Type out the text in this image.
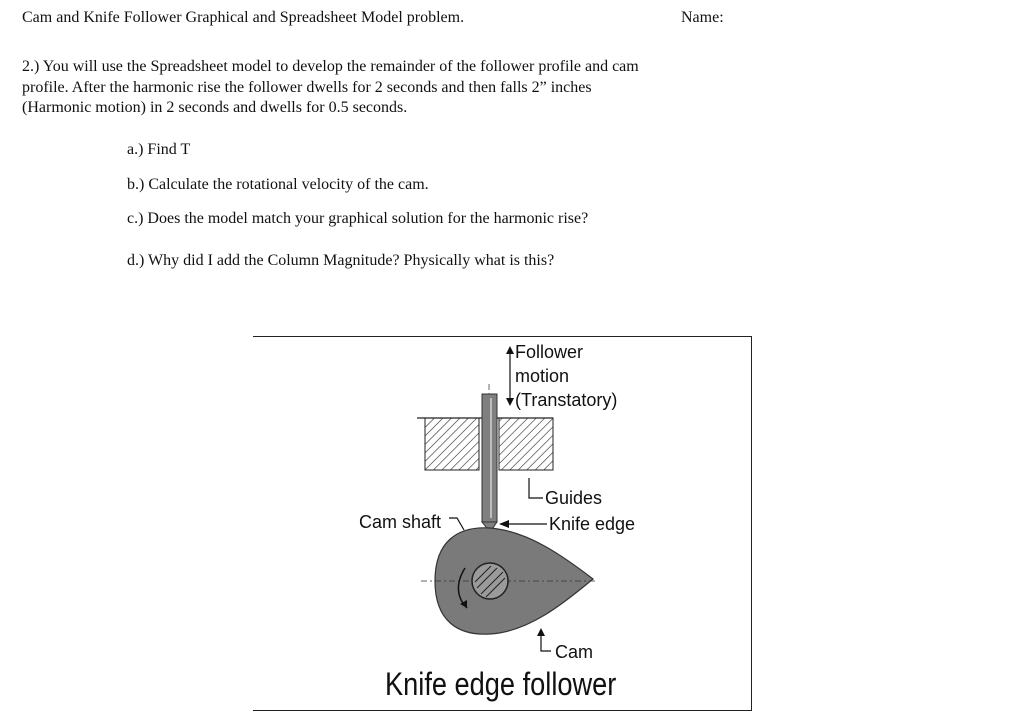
Cam and Knife Follower Graphical and Spreadsheet Model problem.	Name:

2.) You will use the Spreadsheet model to develop the remainder of the follower profile and cam profile. After the harmonic rise the follower dwells for 2 seconds and then falls 2” inches (Harmonic motion) in 2 seconds and dwells for 0.5 seconds.

a.) Find T
b.) Calculate the rotational velocity of the cam.
c.) Does the model match your graphical solution for the harmonic rise?
d.) Why did I add the Column Magnitude? Physically what is this?
Follower
motion
(Transtatory)
Guides
Knife edge
Cam shaft
Cam
Knife edge follower
